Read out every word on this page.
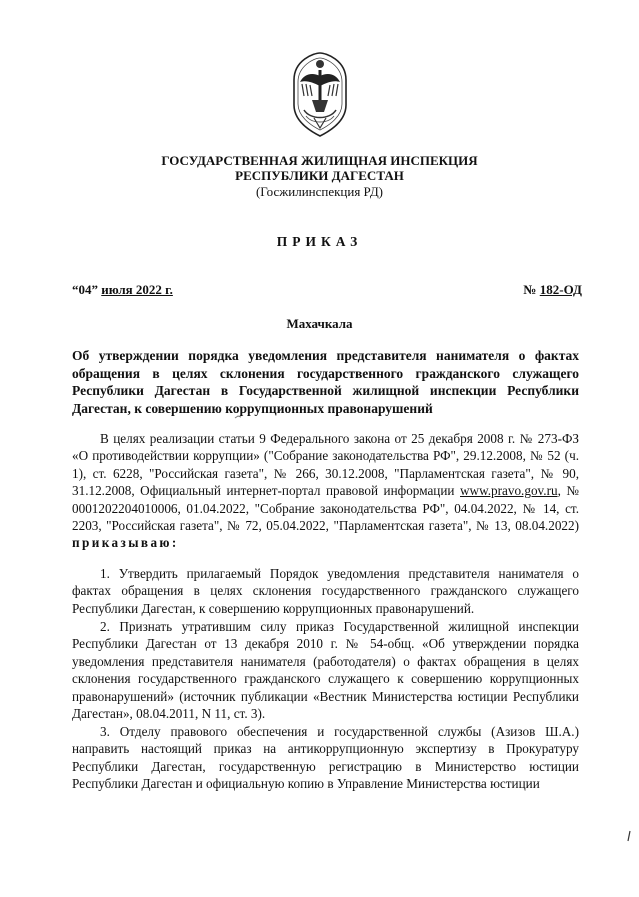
ГОСУДАРСТВЕННАЯ ЖИЛИЩНАЯ ИНСПЕКЦИЯ
РЕСПУБЛИКИ ДАГЕСТАН
(Госжилинспекция РД)
ПРИКАЗ
“04” июля 2022 г.	№ 182-ОД
Махачкала
Об утверждении порядка уведомления представителя нанимателя о фактах обращения в целях склонения государственного гражданского служащего Республики Дагестан в Государственной жилищной инспекции Республики Дагестан, к совершению коррупционных правонарушений
В целях реализации статьи 9 Федерального закона от 25 декабря 2008 г. № 273-ФЗ «О противодействии коррупции» ("Собрание законодательства РФ", 29.12.2008, № 52 (ч. 1), ст. 6228, "Российская газета", № 266, 30.12.2008, "Парламентская газета", № 90, 31.12.2008, Официальный интернет-портал правовой информации www.pravo.gov.ru, № 0001202204010006, 01.04.2022, "Собрание законодательства РФ", 04.04.2022, № 14, ст. 2203, "Российская газета", № 72, 05.04.2022, "Парламентская газета", № 13, 08.04.2022) приказываю:
1. Утвердить прилагаемый Порядок уведомления представителя нанимателя о фактах обращения в целях склонения государственного гражданского служащего Республики Дагестан, к совершению коррупционных правонарушений.
2. Признать утратившим силу приказ Государственной жилищной инспекции Республики Дагестан от 13 декабря 2010 г. № 54-общ. «Об утверждении порядка уведомления представителя нанимателя (работодателя) о фактах обращения в целях склонения государственного гражданского служащего к совершению коррупционных правонарушений» (источник публикации «Вестник Министерства юстиции Республики Дагестан», 08.04.2011, N 11, ст. 3).
3. Отделу правового обеспечения и государственной службы (Азизов Ш.А.) направить настоящий приказ на антикоррупционную экспертизу в Прокуратуру Республики Дагестан, государственную регистрацию в Министерство юстиции Республики Дагестан и официальную копию в Управление Министерства юстиции
